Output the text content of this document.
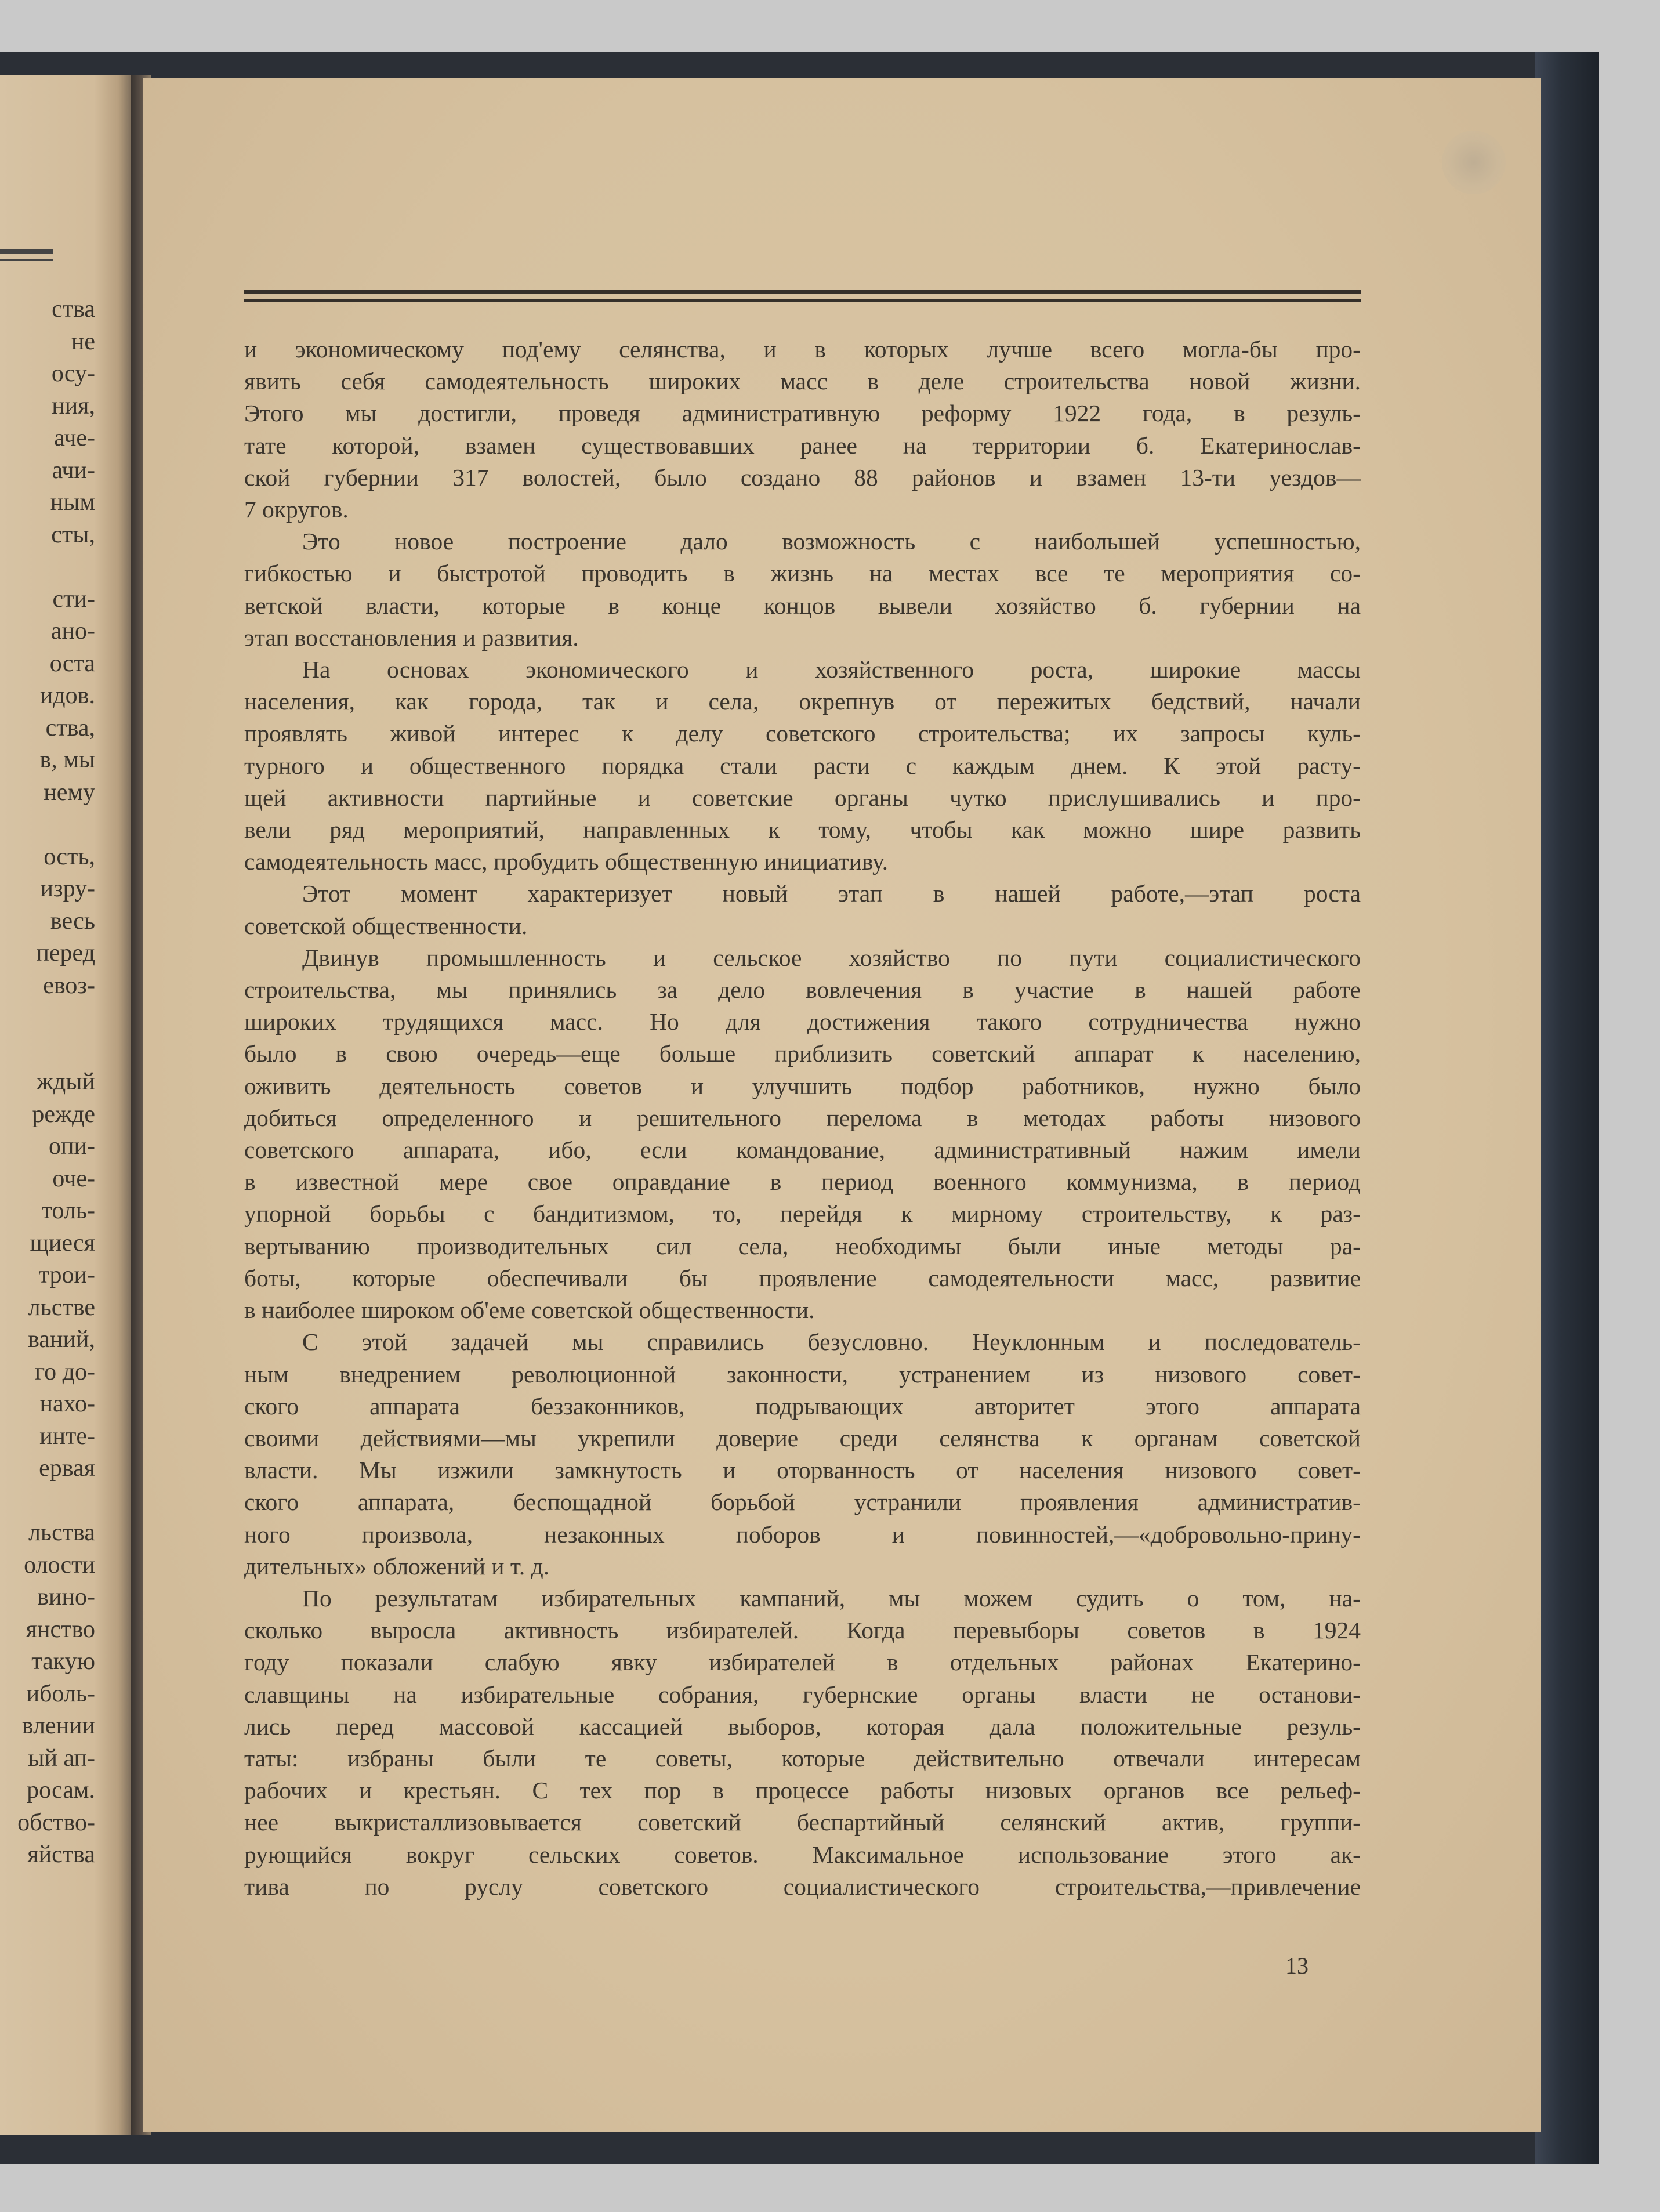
ства
не
осу-
ния,
аче-
ачи-
ным
сты,
сти-
ано-
оста
идов.
ства,
в, мы
нему
ость,
изру-
весь
перед
евоз-
ждый
режде
опи-
оче-
толь-
щиеся
трои-
льстве
ваний,
го до-
нахо-
инте-
ервая
льства
олости
вино-
янство
такую
иболь-
влении
ый ап-
росам.
обство-
яйства
и экономическому под'ему селянства, и в которых лучше всего могла-бы про-
явить себя самодеятельность широких масс в деле строительства новой жизни.
Этого мы достигли, проведя административную реформу 1922 года, в резуль-
тате которой, взамен существовавших ранее на территории б. Екатеринослав-
ской губернии 317 волостей, было создано 88 районов и взамен 13-ти уездов—
7 округов.
Это новое построение дало возможность с наибольшей успешностью,
гибкостью и быстротой проводить в жизнь на местах все те мероприятия со-
ветской власти, которые в конце концов вывели хозяйство б. губернии на
этап восстановления и развития.
На основах экономического и хозяйственного роста, широкие массы
населения, как города, так и села, окрепнув от пережитых бедствий, начали
проявлять живой интерес к делу советского строительства; их запросы куль-
турного и общественного порядка стали расти с каждым днем. К этой расту-
щей активности партийные и советские органы чутко прислушивались и про-
вели ряд мероприятий, направленных к тому, чтобы как можно шире развить
самодеятельность масс, пробудить общественную инициативу.
Этот момент характеризует новый этап в нашей работе,—этап роста
советской общественности.
Двинув промышленность и сельское хозяйство по пути социалистического
строительства, мы принялись за дело вовлечения в участие в нашей работе
широких трудящихся масс. Но для достижения такого сотрудничества нужно
было в свою очередь—еще больше приблизить советский аппарат к населению,
оживить деятельность советов и улучшить подбор работников, нужно было
добиться определенного и решительного перелома в методах работы низового
советского аппарата, ибо, если командование, административный нажим имели
в известной мере свое оправдание в период военного коммунизма, в период
упорной борьбы с бандитизмом, то, перейдя к мирному строительству, к раз-
вертыванию производительных сил села, необходимы были иные методы ра-
боты, которые обеспечивали бы проявление самодеятельности масс, развитие
в наиболее широком об'еме советской общественности.
С этой задачей мы справились безусловно. Неуклонным и последователь-
ным внедрением революционной законности, устранением из низового совет-
ского аппарата беззаконников, подрывающих авторитет этого аппарата
своими действиями—мы укрепили доверие среди селянства к органам советской
власти. Мы изжили замкнутость и оторванность от населения низового совет-
ского аппарата, беспощадной борьбой устранили проявления административ-
ного произвола, незаконных поборов и повинностей,—«добровольно-прину-
дительных» обложений и т. д.
По результатам избирательных кампаний, мы можем судить о том, на-
сколько выросла активность избирателей. Когда перевыборы советов в 1924
году показали слабую явку избирателей в отдельных районах Екатерино-
славщины на избирательные собрания, губернские органы власти не останови-
лись перед массовой кассацией выборов, которая дала положительные резуль-
таты: избраны были те советы, которые действительно отвечали интересам
рабочих и крестьян. С тех пор в процессе работы низовых органов все рельеф-
нее выкристаллизовывается советский беспартийный селянский актив, группи-
рующийся вокруг сельских советов. Максимальное использование этого ак-
тива по руслу советского социалистического строительства,—привлечение
13
